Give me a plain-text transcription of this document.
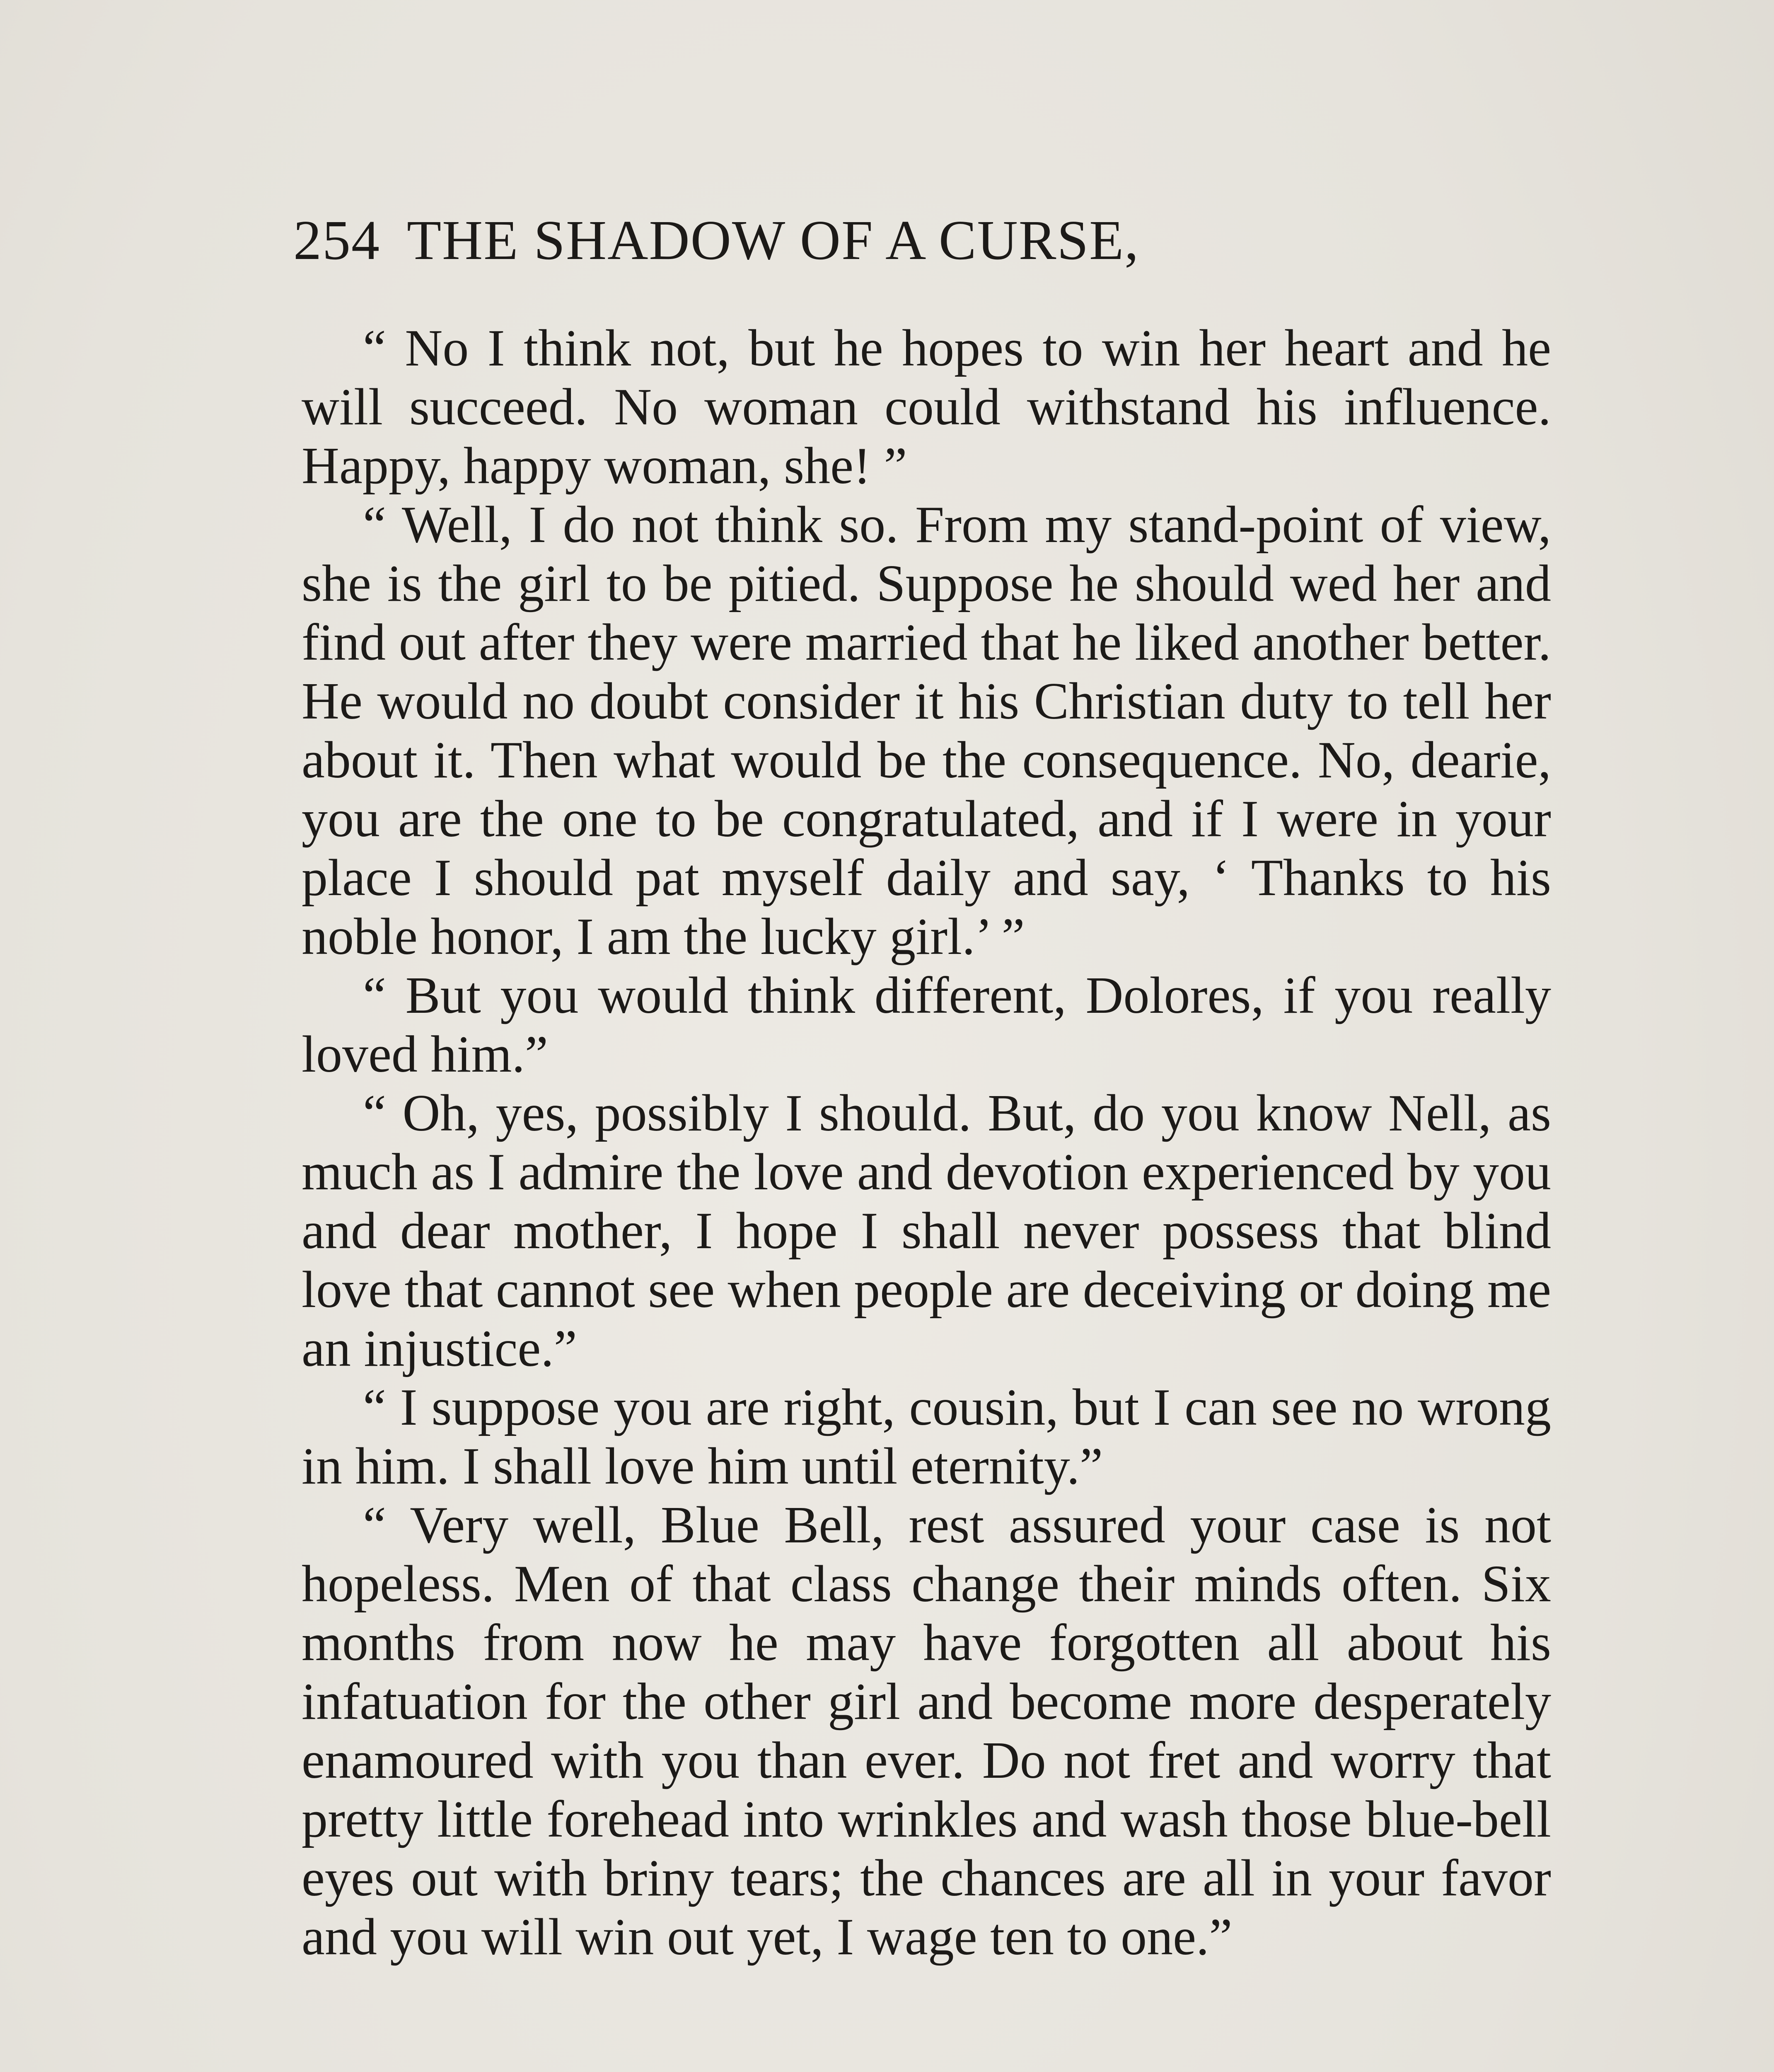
254 THE SHADOW OF A CURSE,

“ No I think not, but he hopes to win her heart and he will succeed. No woman could withstand his influence. Happy, happy woman, she! ”

“ Well, I do not think so. From my stand-point of view, she is the girl to be pitied. Suppose he should wed her and find out after they were married that he liked another better. He would no doubt consider it his Christian duty to tell her about it. Then what would be the consequence. No, dearie, you are the one to be congratulated, and if I were in your place I should pat myself daily and say, ‘ Thanks to his noble honor, I am the lucky girl.’ ”

“ But you would think different, Dolores, if you really loved him.”

“ Oh, yes, possibly I should. But, do you know Nell, as much as I admire the love and devotion experienced by you and dear mother, I hope I shall never possess that blind love that cannot see when people are deceiving or doing me an injustice.”

“ I suppose you are right, cousin, but I can see no wrong in him. I shall love him until eternity.”

“ Very well, Blue Bell, rest assured your case is not hopeless. Men of that class change their minds often. Six months from now he may have forgotten all about his infatuation for the other girl and become more desperately enamoured with you than ever. Do not fret and worry that pretty little forehead into wrinkles and wash those blue-bell eyes out with briny tears; the chances are all in your favor and you will win out yet, I wage ten to one.”
